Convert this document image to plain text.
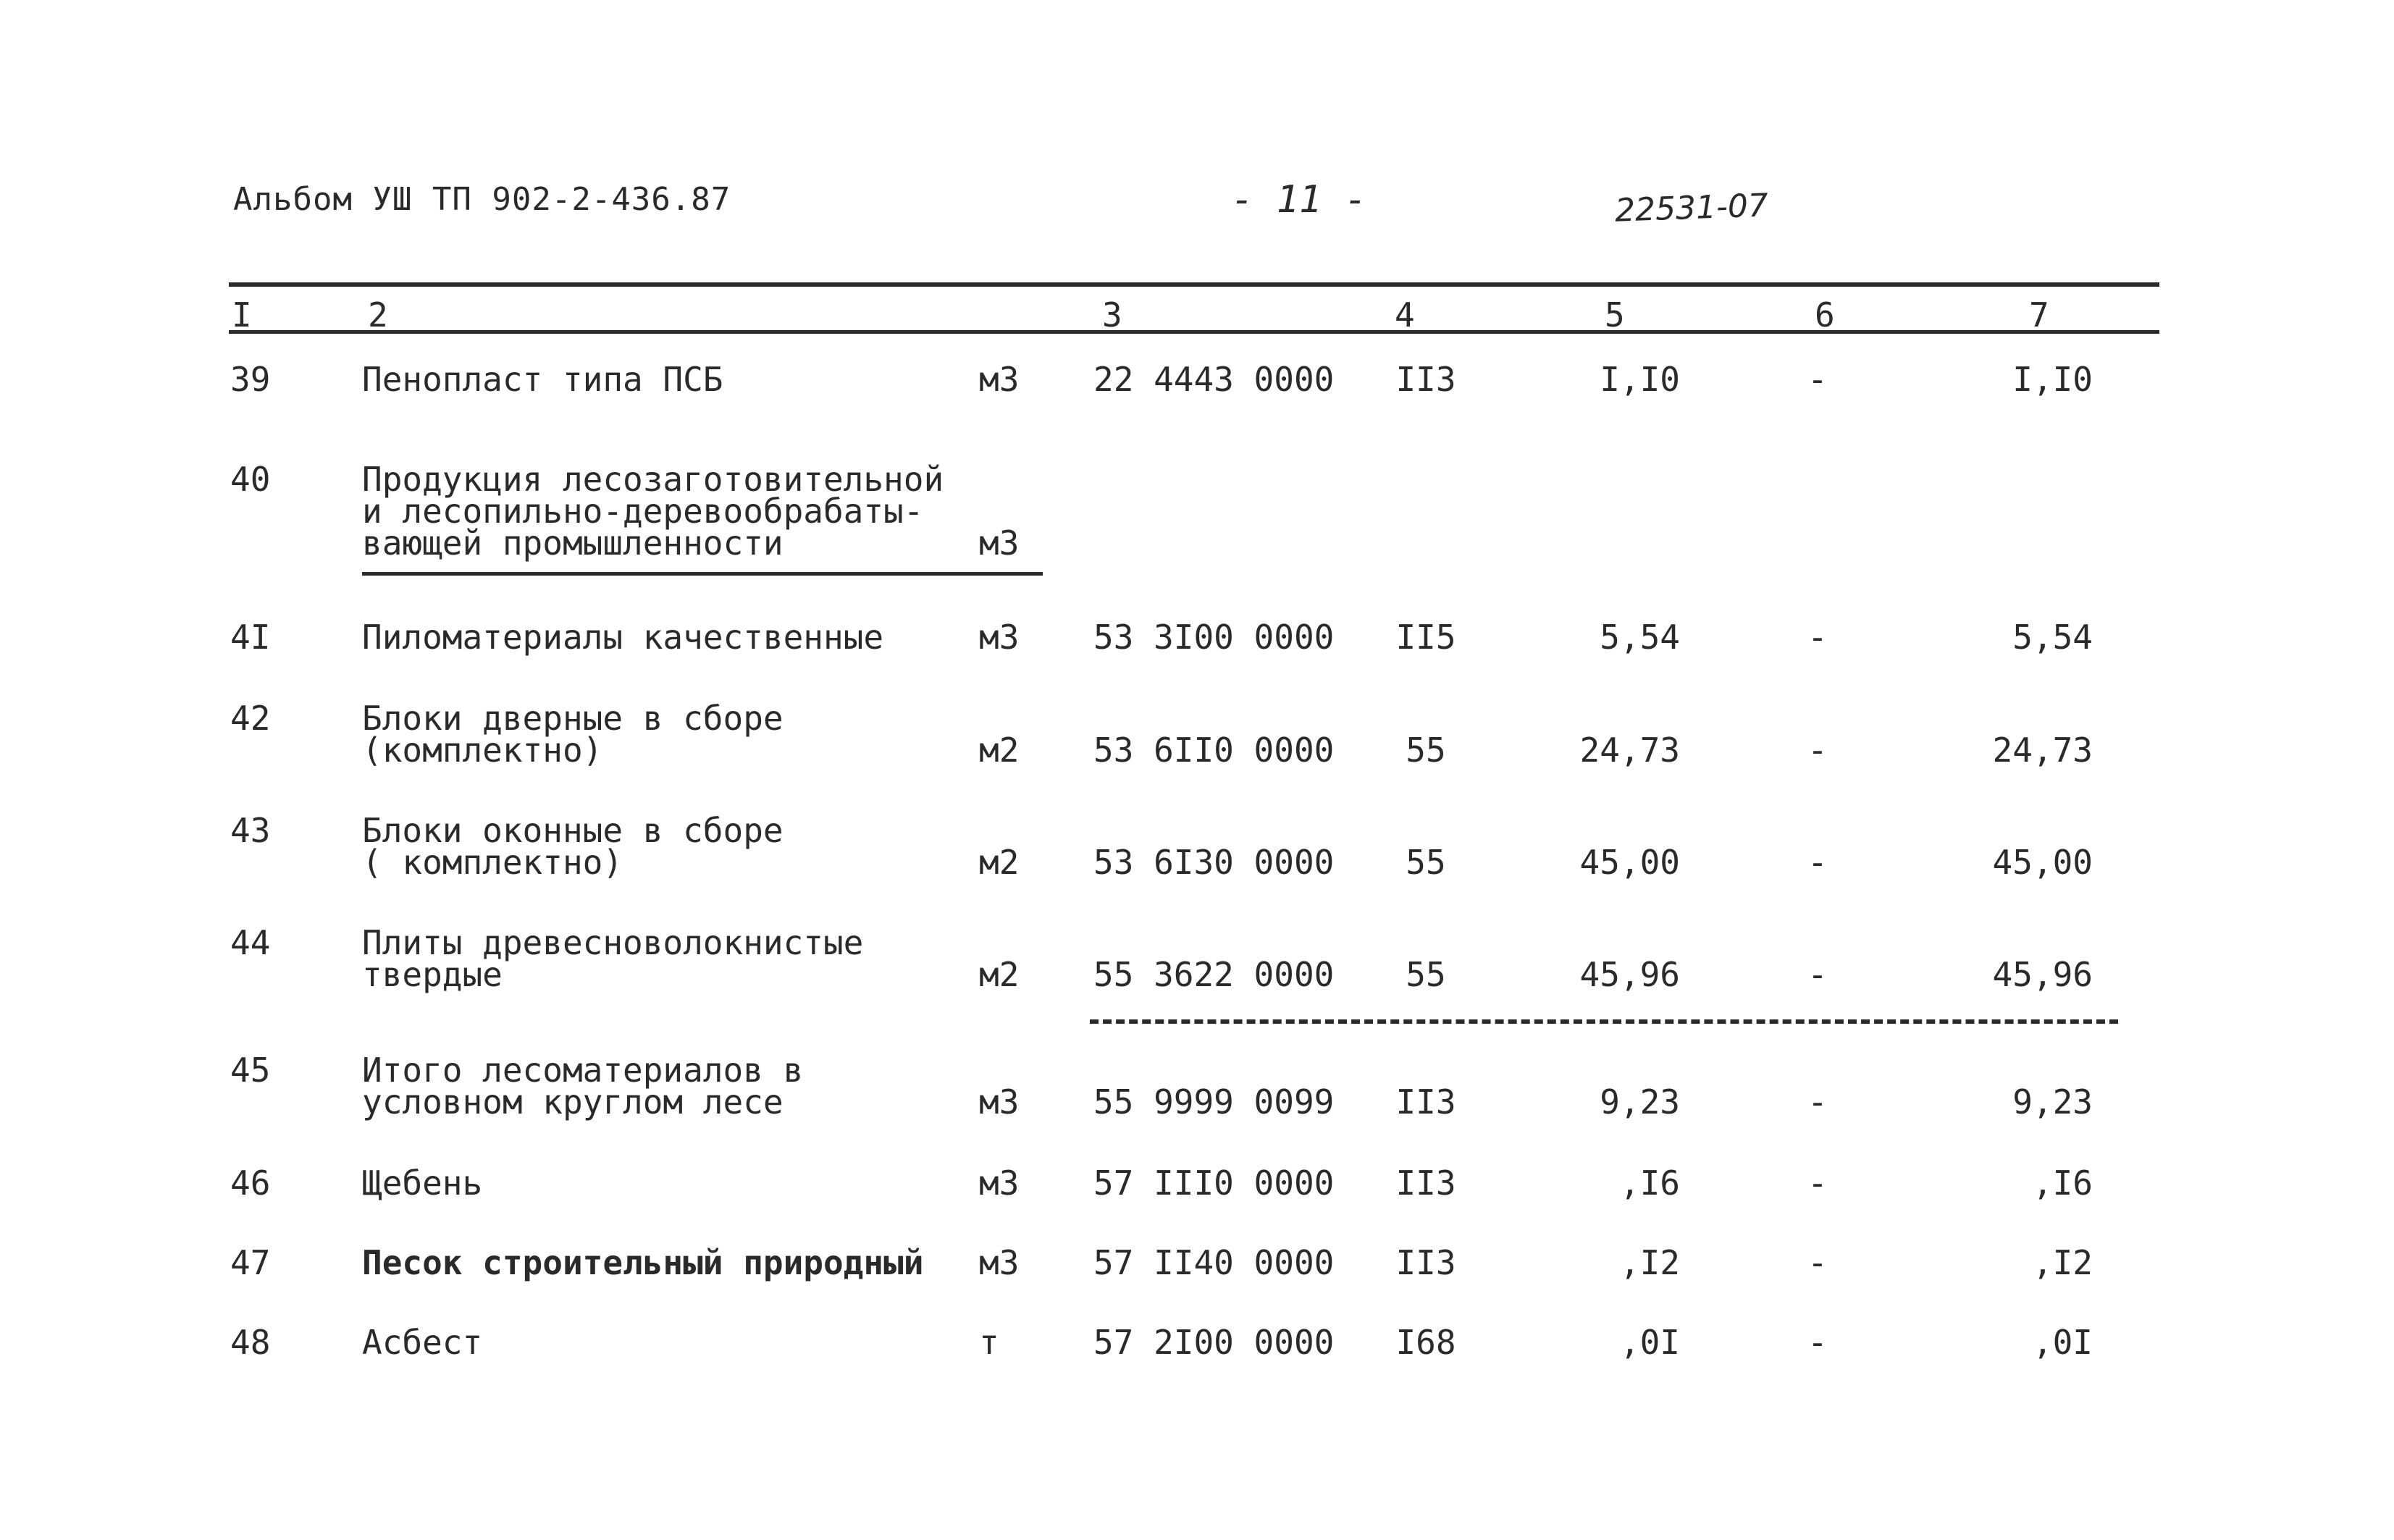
Альбом УШ ТП 902-2-436.87	- 11 -	22531-07
I	2	3	4	5	6	7
39	Пенопласт типа ПСБ	м3 22 4443 0000	II3	I,I0	-	I,I0
40	Продукция лесозаготовительной
и лесопильно-деревообрабаты-
вающей промышленности	м3
4I	Пиломатериалы качественные	м3 53 3I00 0000	II5	5,54	-	5,54
42	Блоки дверные в сборе
(комплектно)	м2 53 6II0 0000	55	24,73	-	24,73
43	Блоки оконные в сборе
( комплектно)	м2 53 6I30 0000	55	45,00	-	45,00
44	Плиты древесноволокнистые
твердые	м2 55 3622 0000	55	45,96	-	45,96
45	Итого лесоматериалов в
условном круглом лесе	м3 55 9999 0099	II3	9,23	-	9,23
46	Щебень	м3 57 III0 0000	II3	,I6	-	,I6
47	Песок строительный природный м3 57 II40 0000	II3	,I2	-	,I2
48	Асбест	т	57 2I00 0000	I68	,0I	-	,0I
